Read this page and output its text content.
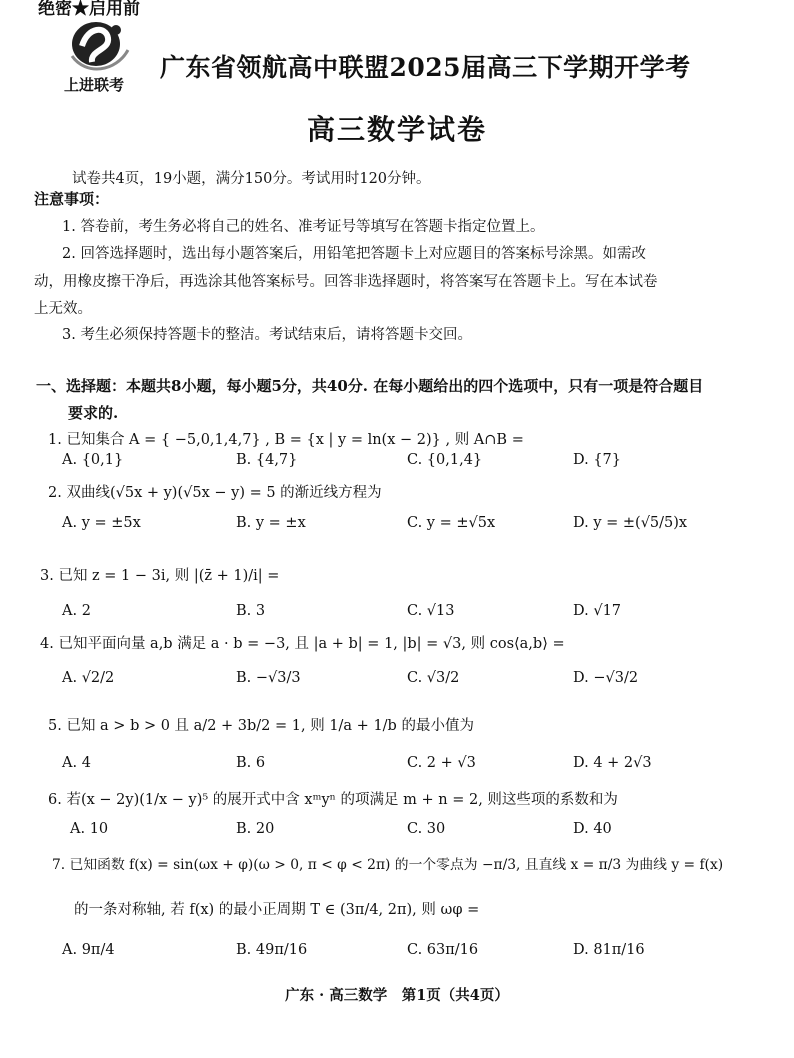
绝密★启用前
上进联考
广东省领航高中联盟2025届高三下学期开学考
高三数学试卷
试卷共4页，19小题，满分150分。考试用时120分钟。
注意事项：
1. 答卷前，考生务必将自己的姓名、准考证号等填写在答题卡指定位置上。
2. 回答选择题时，选出每小题答案后，用铅笔把答题卡上对应题目的答案标号涂黑。如需改
动，用橡皮擦干净后，再选涂其他答案标号。回答非选择题时，将答案写在答题卡上。写在本试卷
上无效。
3. 考生必须保持答题卡的整洁。考试结束后，请将答题卡交回。
一、选择题：本题共8小题，每小题5分，共40分. 在每小题给出的四个选项中，只有一项是符合题目
要求的.
1. 已知集合 A = { −5,0,1,4,7} , B = {x | y = ln(x − 2)} , 则 A∩B =
A. {0,1}	B. {4,7}	C. {0,1,4}	D. {7}
2. 双曲线(√5x + y)(√5x − y) = 5 的渐近线方程为
A. y = ±5x	B. y = ±x	C. y = ±√5x	D. y = ±(√5/5)x
3. 已知 z = 1 − 3i, 则 |(z̄ + 1)/i| =
A. 2	B. 3	C. √13	D. √17
4. 已知平面向量 a,b 满足 a · b = −3, 且 |a + b| = 1, |b| = √3, 则 cos⟨a,b⟩ =
A. √2/2	B. −√3/3	C. √3/2	D. −√3/2
5. 已知 a > b > 0 且 a/2 + 3b/2 = 1, 则 1/a + 1/b 的最小值为
A. 4	B. 6	C. 2 + √3	D. 4 + 2√3
6. 若(x − 2y)(1/x − y)⁵ 的展开式中含 xᵐyⁿ 的项满足 m + n = 2, 则这些项的系数和为
A. 10	B. 20	C. 30	D. 40
7. 已知函数 f(x) = sin(ωx + φ)(ω > 0, π < φ < 2π) 的一个零点为 −π/3, 且直线 x = π/3 为曲线 y = f(x)
的一条对称轴, 若 f(x) 的最小正周期 T ∈ (3π/4, 2π), 则 ωφ =
A. 9π/4	B. 49π/16	C. 63π/16	D. 81π/16
广东 · 高三数学　第1页（共4页）
